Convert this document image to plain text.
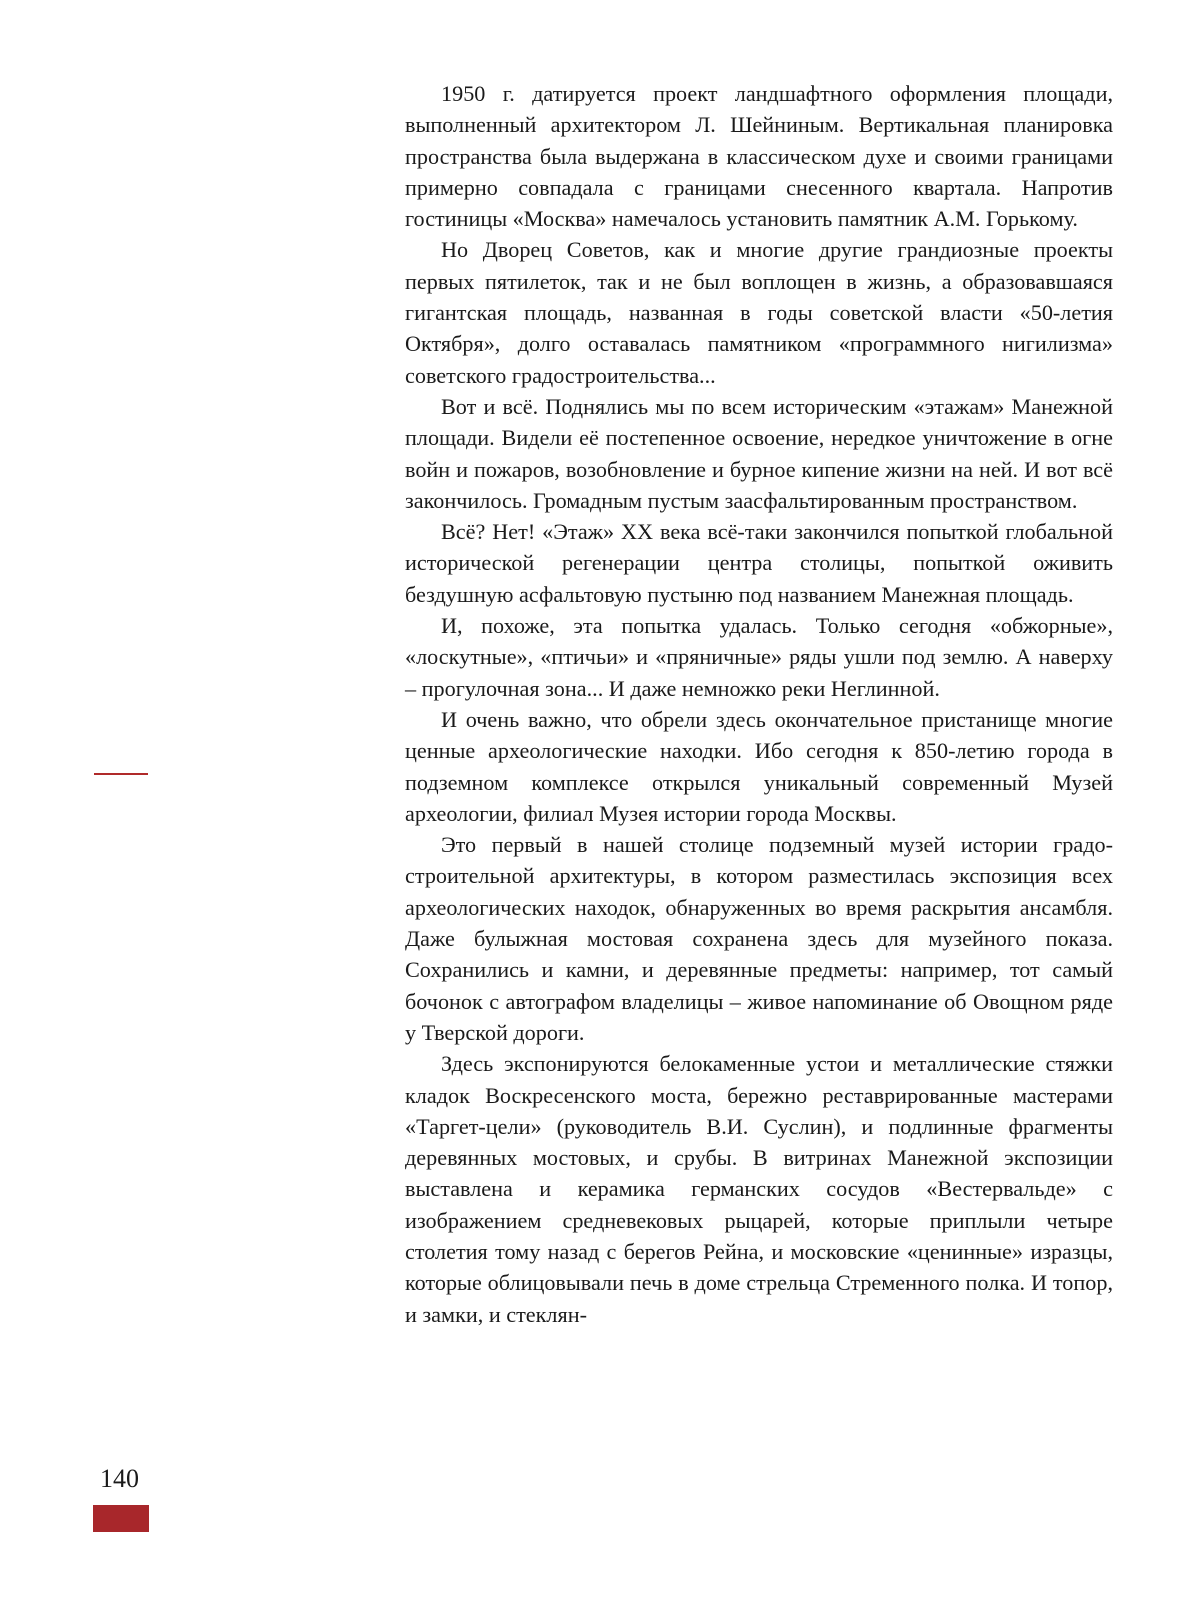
1950 г. датируется проект ландшафтного оформления площади, выполненный архитектором Л. Шейниным. Вертикальная планировка пространства была выдержана в классическом духе и своими границами примерно совпадала с границами снесенного квартала. Напротив гостиницы «Москва» намечалось установить памятник А.М. Горькому.

Но Дворец Советов, как и многие другие грандиозные проекты первых пятилеток, так и не был воплощен в жизнь, а образовавшаяся гигантская площадь, названная в годы советской власти «50-летия Октября», долго оставалась памятником «программного нигилизма» советского градостроительства...

Вот и всё. Поднялись мы по всем историческим «этажам» Манежной площади. Видели её постепенное освоение, нередкое уничтожение в огне войн и пожаров, возобновление и бурное кипение жизни на ней. И вот всё закончилось. Громадным пустым заасфальтированным пространством.

Всё? Нет! «Этаж» XX века всё-таки закончился попыткой глобальной исторической регенерации центра столицы, попыткой оживить бездушную асфальтовую пустыню под названием Манежная площадь.

И, похоже, эта попытка удалась. Только сегодня «обжорные», «лоскутные», «птичьи» и «пряничные» ряды ушли под землю. А наверху – прогулочная зона... И даже немножко реки Неглинной.

И очень важно, что обрели здесь окончательное пристанище многие ценные археологические находки. Ибо сегодня к 850-летию города в подземном комплексе открылся уникальный современный Музей археологии, филиал Музея истории города Москвы.

Это первый в нашей столице подземный музей истории градостроительной архитектуры, в котором разместилась экспозиция всех археологических находок, обнаруженных во время раскрытия ансамбля. Даже булыжная мостовая сохранена здесь для музейного показа. Сохранились и камни, и деревянные предметы: например, тот самый бочонок с автографом владелицы – живое напоминание об Овощном ряде у Тверской дороги.

Здесь экспонируются белокаменные устои и металлические стяжки кладок Воскресенского моста, бережно реставрированные мастерами «Таргет-цели» (руководитель В.И. Суслин), и подлинные фрагменты деревянных мостовых, и срубы. В витринах Манежной экспозиции выставлена и керамика германских сосудов «Вестервальде» с изображением средневековых рыцарей, которые приплыли четыре столетия тому назад с берегов Рейна, и московские «ценинные» изразцы, которые облицовывали печь в доме стрельца Стременного полка. И топор, и замки, и стеклян-

140
